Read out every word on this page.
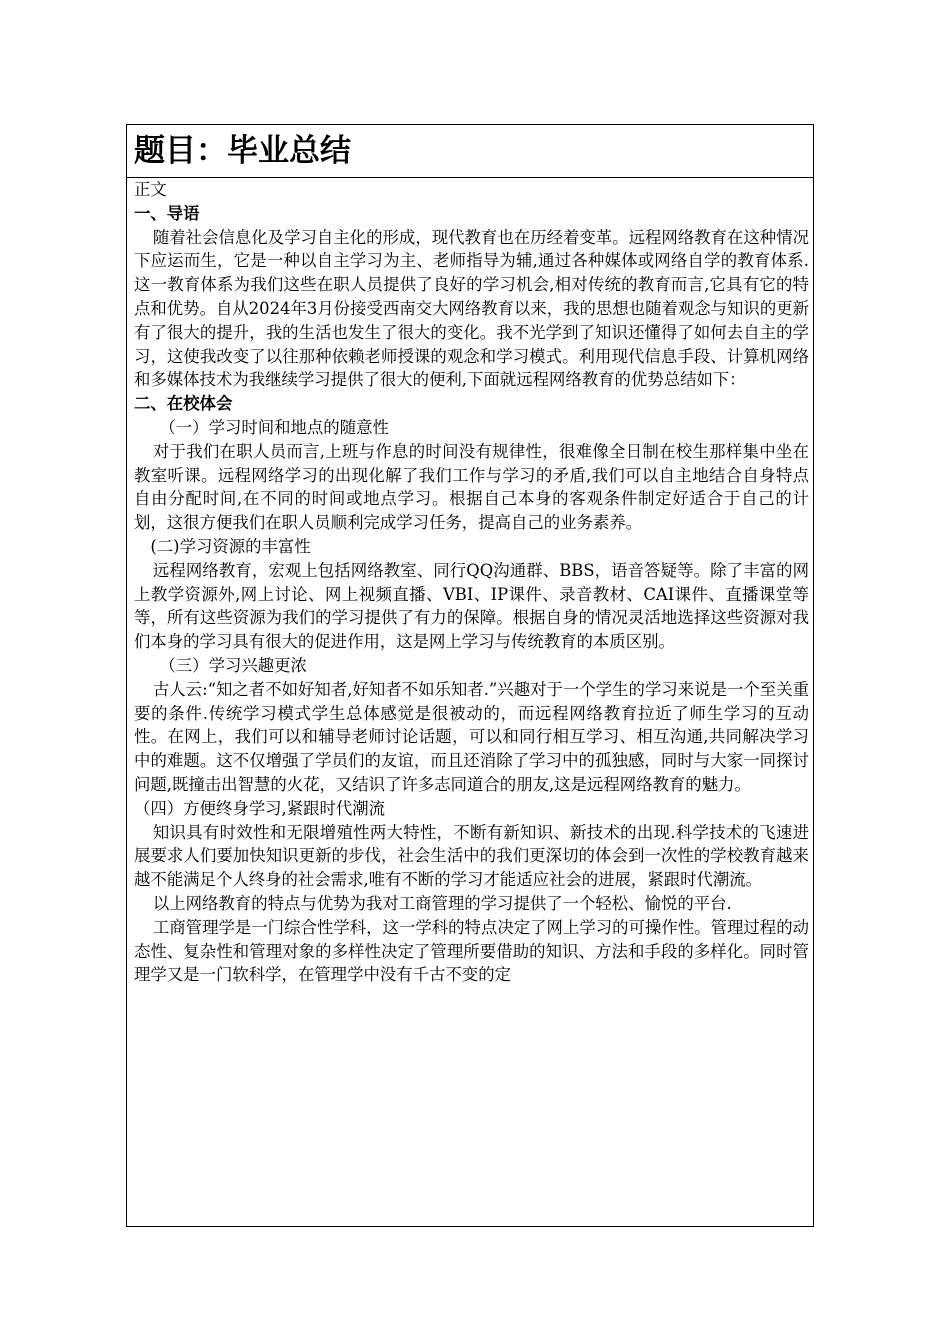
题目：毕业总结

正文

一、导语

随着社会信息化及学习自主化的形成，现代教育也在历经着变革。远程网络教育在这种情况下应运而生，它是一种以自主学习为主、老师指导为辅,通过各种媒体或网络自学的教育体系.这一教育体系为我们这些在职人员提供了良好的学习机会,相对传统的教育而言,它具有它的特点和优势。自从2024年3月份接受西南交大网络教育以来，我的思想也随着观念与知识的更新有了很大的提升，我的生活也发生了很大的变化。我不光学到了知识还懂得了如何去自主的学习，这使我改变了以往那种依赖老师授课的观念和学习模式。利用现代信息手段、计算机网络和多媒体技术为我继续学习提供了很大的便利,下面就远程网络教育的优势总结如下：

二、在校体会

（一）学习时间和地点的随意性

对于我们在职人员而言,上班与作息的时间没有规律性，很难像全日制在校生那样集中坐在教室听课。远程网络学习的出现化解了我们工作与学习的矛盾,我们可以自主地结合自身特点自由分配时间,在不同的时间或地点学习。根据自己本身的客观条件制定好适合于自己的计划，这很方便我们在职人员顺利完成学习任务，提高自己的业务素养。

(二)学习资源的丰富性

远程网络教育，宏观上包括网络教室、同行QQ沟通群、BBS，语音答疑等。除了丰富的网上教学资源外,网上讨论、网上视频直播、VBI、IP课件、录音教材、CAI课件、直播课堂等等，所有这些资源为我们的学习提供了有力的保障。根据自身的情况灵活地选择这些资源对我们本身的学习具有很大的促进作用，这是网上学习与传统教育的本质区别。

（三）学习兴趣更浓

古人云:“知之者不如好知者,好知者不如乐知者.”兴趣对于一个学生的学习来说是一个至关重要的条件.传统学习模式学生总体感觉是很被动的，而远程网络教育拉近了师生学习的互动性。在网上，我们可以和辅导老师讨论话题，可以和同行相互学习、相互沟通,共同解决学习中的难题。这不仅增强了学员们的友谊，而且还消除了学习中的孤独感，同时与大家一同探讨问题,既撞击出智慧的火花，又结识了许多志同道合的朋友,这是远程网络教育的魅力。

（四）方便终身学习,紧跟时代潮流

知识具有时效性和无限增殖性两大特性，不断有新知识、新技术的出现.科学技术的飞速进展要求人们要加快知识更新的步伐，社会生活中的我们更深切的体会到一次性的学校教育越来越不能满足个人终身的社会需求,唯有不断的学习才能适应社会的进展，紧跟时代潮流。

以上网络教育的特点与优势为我对工商管理的学习提供了一个轻松、愉悦的平台.

工商管理学是一门综合性学科，这一学科的特点决定了网上学习的可操作性。管理过程的动态性、复杂性和管理对象的多样性决定了管理所要借助的知识、方法和手段的多样化。同时管理学又是一门软科学，在管理学中没有千古不变的定
